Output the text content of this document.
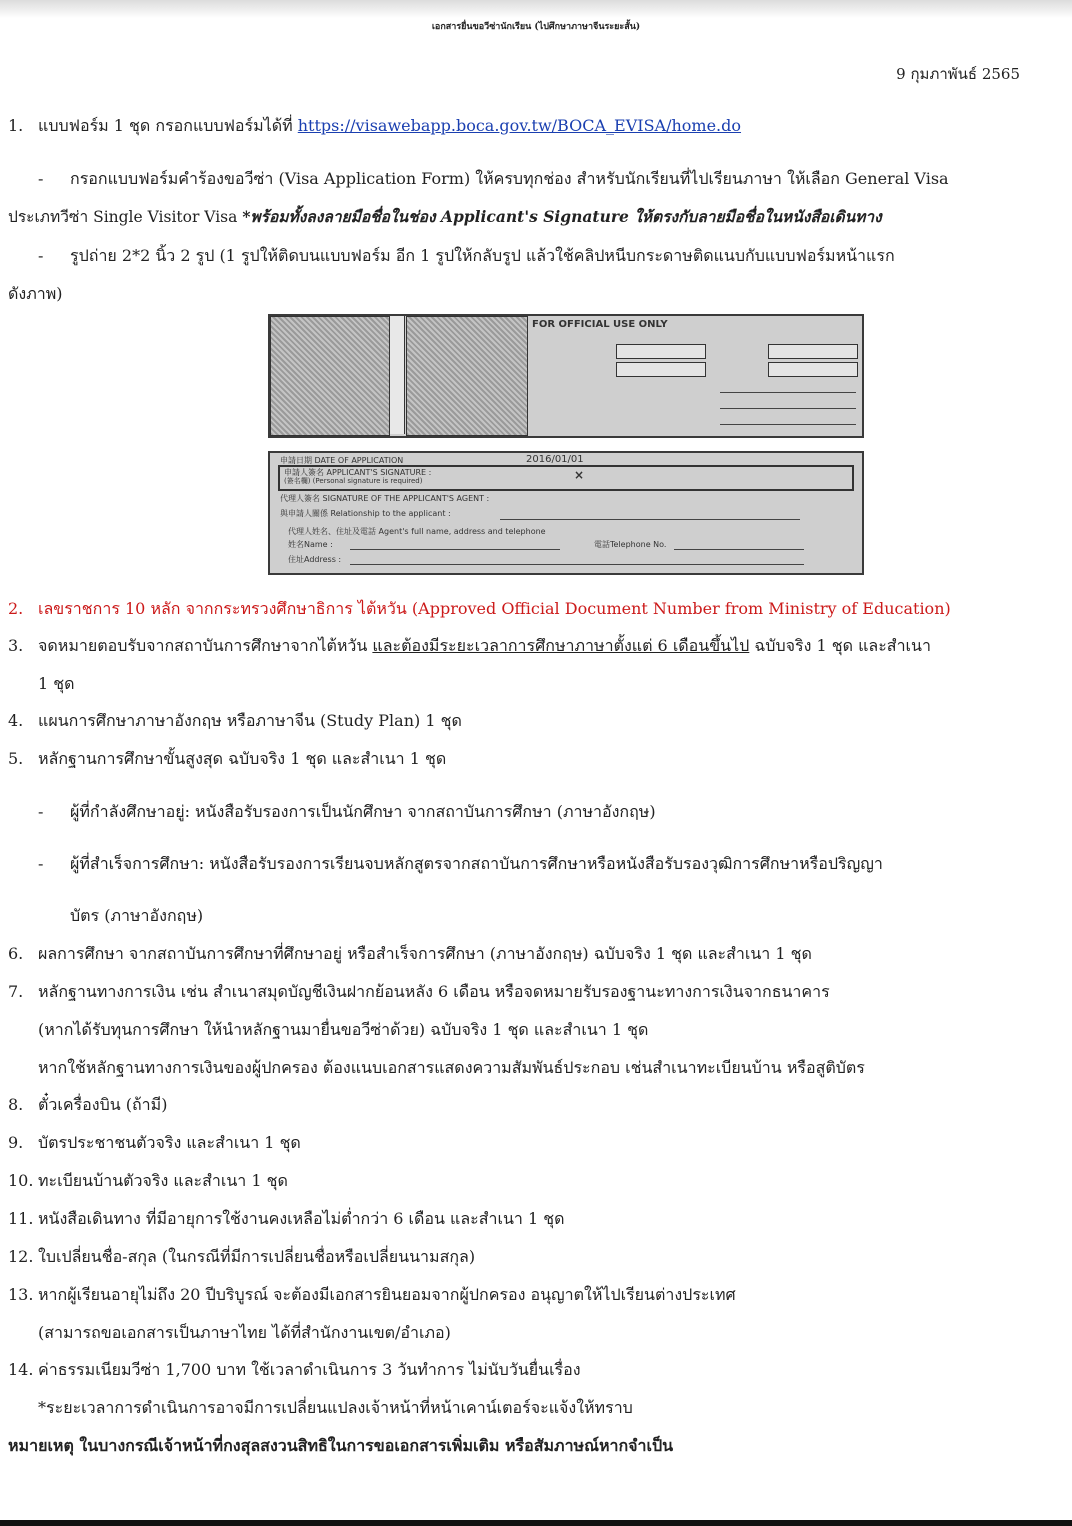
เอกสารยื่นขอวีซ่านักเรียน (ไปศึกษาภาษาจีนระยะสั้น)
9 กุมภาพันธ์ 2565
1. แบบฟอร์ม 1 ชุด กรอกแบบฟอร์มได้ที่ https://visawebapp.boca.gov.tw/BOCA_EVISA/home.do
- กรอกแบบฟอร์มคำร้องขอวีซ่า (Visa Application Form) ให้ครบทุกช่อง สำหรับนักเรียนที่ไปเรียนภาษา ให้เลือก General Visa
ประเภทวีซ่า Single Visitor Visa *พร้อมทั้งลงลายมือชื่อในช่อง Applicant's Signature ให้ตรงกับลายมือชื่อในหนังสือเดินทาง
- รูปถ่าย 2*2 นิ้ว 2 รูป (1 รูปให้ติดบนแบบฟอร์ม อีก 1 รูปให้กลับรูป แล้วใช้คลิปหนีบกระดาษติดแนบกับแบบฟอร์มหน้าแรก
ดังภาพ)
FOR OFFICIAL USE ONLY
申請日期 DATE OF APPLICATION	2016/01/01
申請人簽名 APPLICANT'S SIGNATURE :
(簽名欄) (Personal signature is required)	×
代理人簽名 SIGNATURE OF THE APPLICANT'S AGENT :
與申請人關係 Relationship to the applicant :
代理人姓名、住址及電話 Agent's full name, address and telephone
姓名Name :	電話Telephone No.
住址Address :
2. เลขราชการ 10 หลัก จากกระทรวงศึกษาธิการ ไต้หวัน (Approved Official Document Number from Ministry of Education)
3. จดหมายตอบรับจากสถาบันการศึกษาจากไต้หวัน และต้องมีระยะเวลาการศึกษาภาษาตั้งแต่ 6 เดือนขึ้นไป ฉบับจริง 1 ชุด และสำเนา
1 ชุด
4. แผนการศึกษาภาษาอังกฤษ หรือภาษาจีน (Study Plan) 1 ชุด
5. หลักฐานการศึกษาขั้นสูงสุด ฉบับจริง 1 ชุด และสำเนา 1 ชุด
- ผู้ที่กำลังศึกษาอยู่: หนังสือรับรองการเป็นนักศึกษา จากสถาบันการศึกษา (ภาษาอังกฤษ)
- ผู้ที่สำเร็จการศึกษา: หนังสือรับรองการเรียนจบหลักสูตรจากสถาบันการศึกษาหรือหนังสือรับรองวุฒิการศึกษาหรือปริญญา
บัตร (ภาษาอังกฤษ)
6. ผลการศึกษา จากสถาบันการศึกษาที่ศึกษาอยู่ หรือสำเร็จการศึกษา (ภาษาอังกฤษ) ฉบับจริง 1 ชุด และสำเนา 1 ชุด
7. หลักฐานทางการเงิน เช่น สำเนาสมุดบัญชีเงินฝากย้อนหลัง 6 เดือน หรือจดหมายรับรองฐานะทางการเงินจากธนาคาร
(หากได้รับทุนการศึกษา ให้นำหลักฐานมายื่นขอวีซ่าด้วย) ฉบับจริง 1 ชุด และสำเนา 1 ชุด
หากใช้หลักฐานทางการเงินของผู้ปกครอง ต้องแนบเอกสารแสดงความสัมพันธ์ประกอบ เช่นสำเนาทะเบียนบ้าน หรือสูติบัตร
8. ตั๋วเครื่องบิน (ถ้ามี)
9. บัตรประชาชนตัวจริง และสำเนา 1 ชุด
10. ทะเบียนบ้านตัวจริง และสำเนา 1 ชุด
11. หนังสือเดินทาง ที่มีอายุการใช้งานคงเหลือไม่ต่ำกว่า 6 เดือน และสำเนา 1 ชุด
12. ใบเปลี่ยนชื่อ-สกุล (ในกรณีที่มีการเปลี่ยนชื่อหรือเปลี่ยนนามสกุล)
13. หากผู้เรียนอายุไม่ถึง 20 ปีบริบูรณ์ จะต้องมีเอกสารยินยอมจากผู้ปกครอง อนุญาตให้ไปเรียนต่างประเทศ
(สามารถขอเอกสารเป็นภาษาไทย ได้ที่สำนักงานเขต/อำเภอ)
14. ค่าธรรมเนียมวีซ่า 1,700 บาท ใช้เวลาดำเนินการ 3 วันทำการ ไม่นับวันยื่นเรื่อง
*ระยะเวลาการดำเนินการอาจมีการเปลี่ยนแปลงเจ้าหน้าที่หน้าเคาน์เตอร์จะแจ้งให้ทราบ
หมายเหตุ ในบางกรณีเจ้าหน้าที่กงสุลสงวนสิทธิในการขอเอกสารเพิ่มเติม หรือสัมภาษณ์หากจำเป็น
